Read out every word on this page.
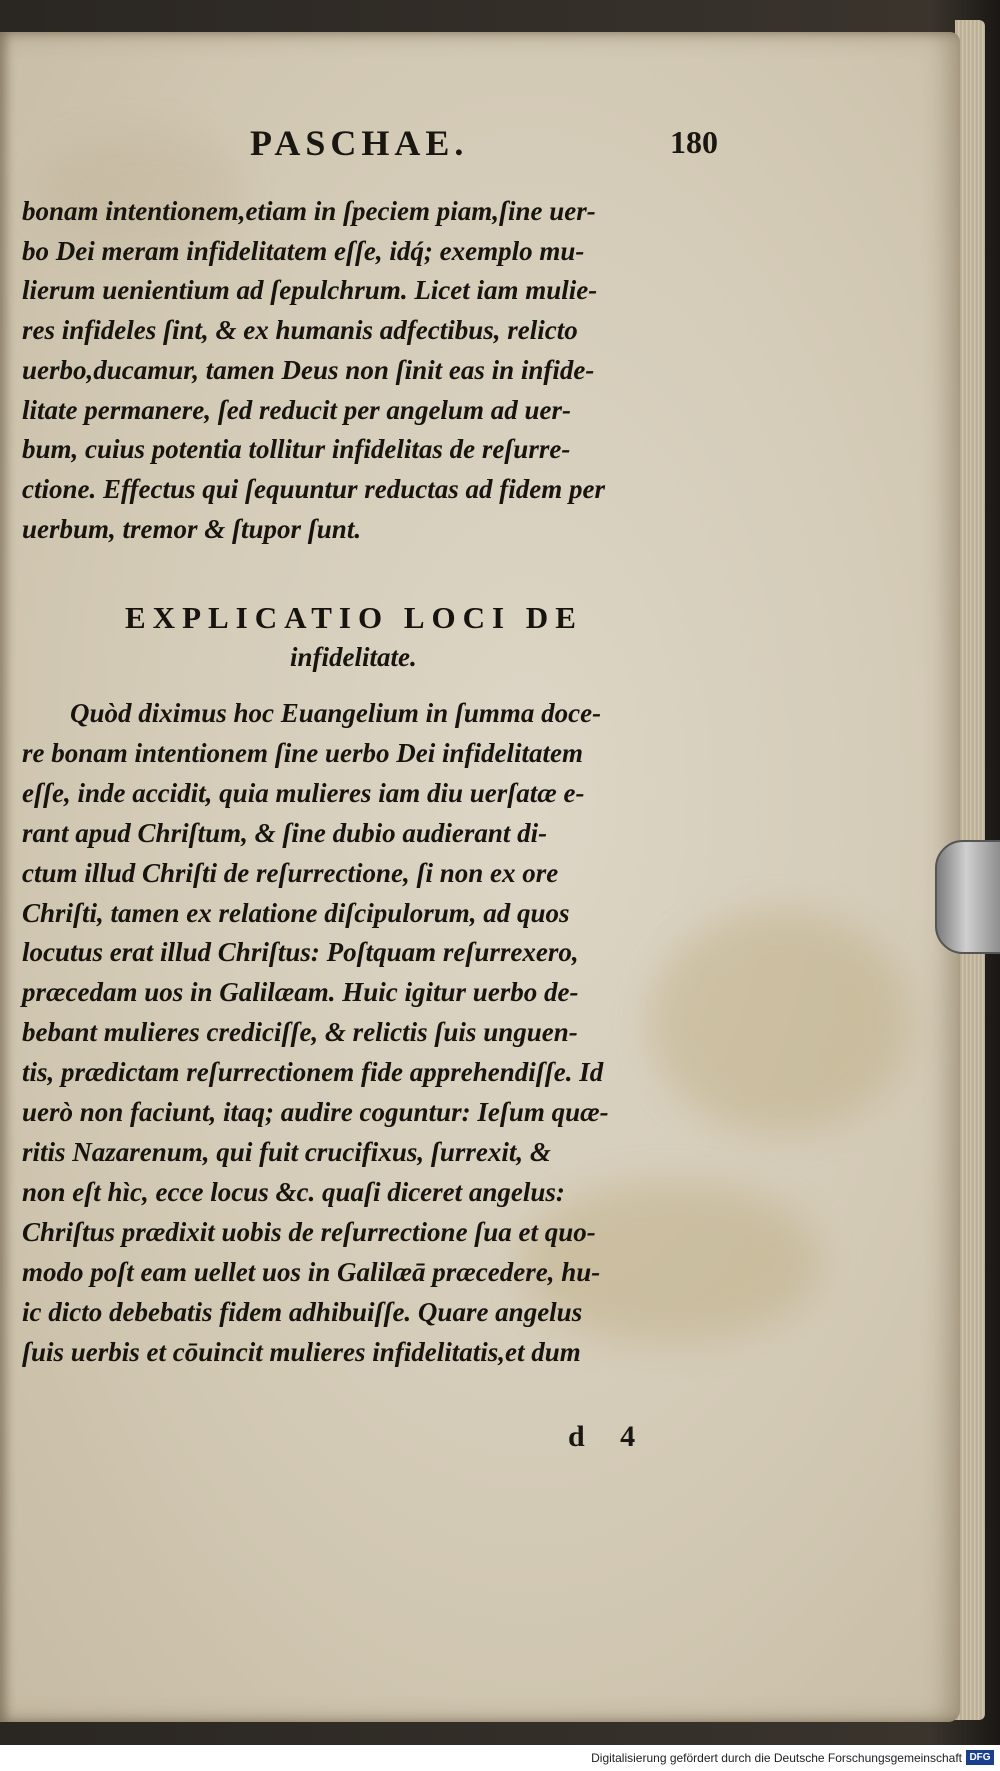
PASCHAE.	180
bonam intentionem,etiam in ſpeciem piam,ſine uer-
bo Dei meram infidelitatem eſſe, idq́; exemplo mu-
lierum uenientium ad ſepulchrum. Licet iam mulie-
res infideles ſint, & ex humanis adfectibus, relicto
uerbo,ducamur, tamen Deus non ſinit eas in infide-
litate permanere, ſed reducit per angelum ad uer-
bum, cuius potentia tollitur infidelitas de reſurre-
ctione. Effectus qui ſequuntur reductas ad fidem per
uerbum, tremor & ſtupor ſunt.
EXPLICATIO LOCI DE
infidelitate.
Quòd diximus hoc Euangelium in ſumma doce-
re bonam intentionem ſine uerbo Dei infidelitatem
eſſe, inde accidit, quia mulieres iam diu uerſatæ e-
rant apud Chriſtum, & ſine dubio audierant di-
ctum illud Chriſti de reſurrectione, ſi non ex ore
Chriſti, tamen ex relatione diſcipulorum, ad quos
locutus erat illud Chriſtus: Poſtquam reſurrexero,
præcedam uos in Galilæam. Huic igitur uerbo de-
bebant mulieres crediciſſe, & relictis ſuis unguen-
tis, prædictam reſurrectionem fide apprehendiſſe. Id
uerò non faciunt, itaq; audire coguntur: Ieſum quæ-
ritis Nazarenum, qui fuit crucifixus, ſurrexit, &
non eſt hìc, ecce locus &c. quaſi diceret angelus:
Chriſtus prædixit uobis de reſurrectione ſua et quo-
modo poſt eam uellet uos in Galilæā præcedere, hu-
ic dicto debebatis fidem adhibuiſſe. Quare angelus
ſuis uerbis et cōuincit mulieres infidelitatis,et dum
d 4
Digitalisierung gefördert durch die Deutsche Forschungsgemeinschaft DFG
